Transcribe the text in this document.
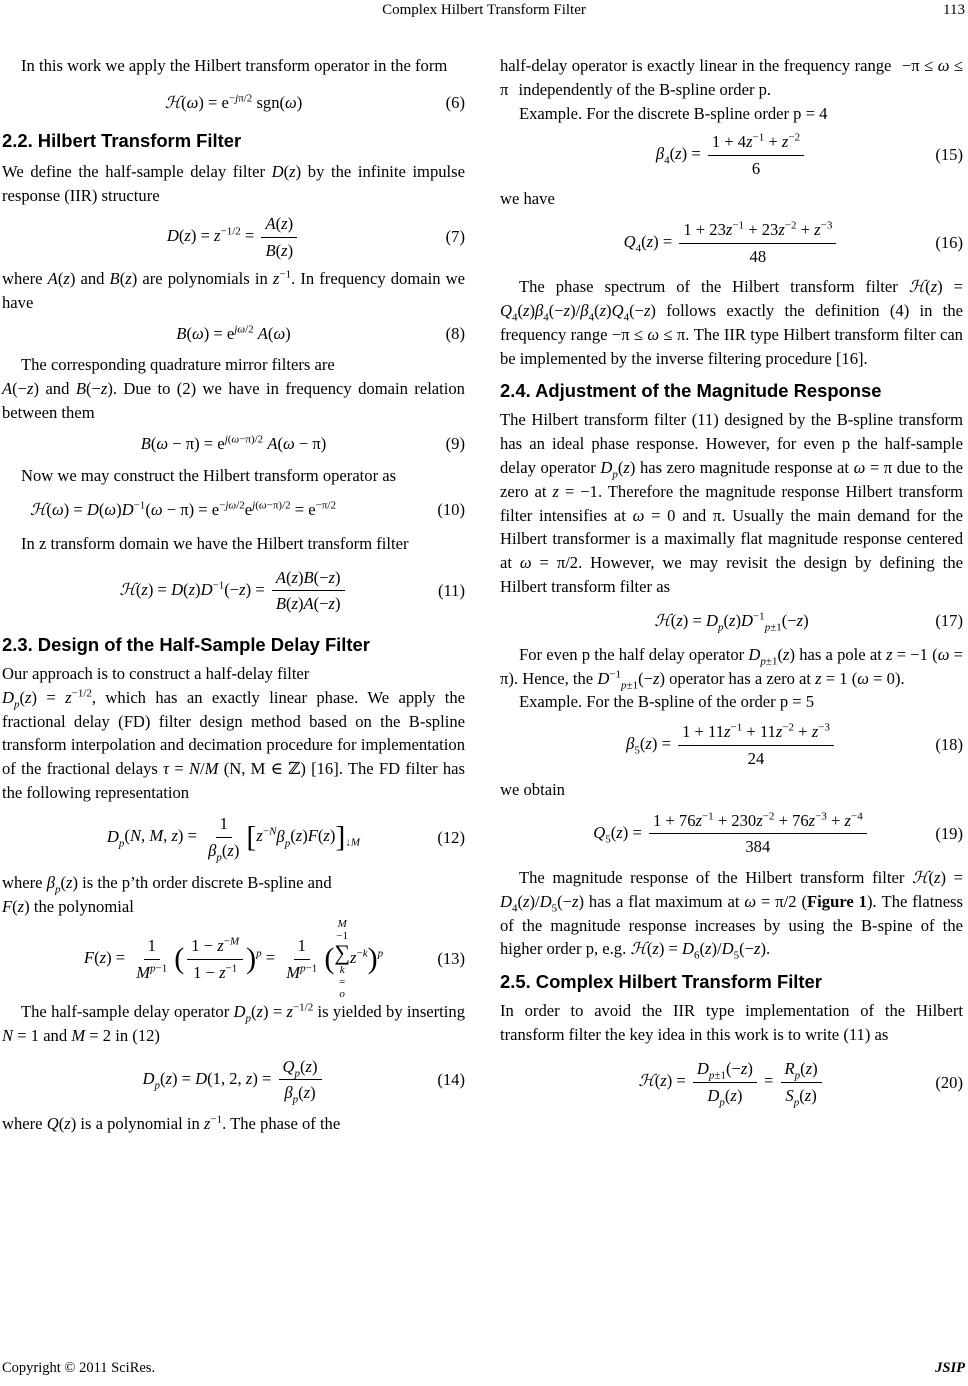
Complex Hilbert Transform Filter	113

In this work we apply the Hilbert transform operator in the form

ℋ(ω) = $e^{-j\pi/2}$ sgn(ω)	(6)
2.2. Hilbert Transform Filter

We define the half-sample delay filter D(z) by the infinite impulse response (IIR) structure

$D(z) = z^{-1/2} = \frac{A(z)}{B(z)}$	(7)

where A(z) and B(z) are polynomials in $z^{-1}$. In frequency domain we have

$B(\omega) = e^{j\omega/2}$ A(ω)	(8)

The corresponding quadrature mirror filters are
A(−z) and B(−z). Due to (2) we have in frequency domain relation between them

$B(\omega - \pi) = e^{j(\omega-\pi)/2}$ A(ω − π)	(9)

Now we may construct the Hilbert transform operator as

ℋ(ω) = $D(\omega)D^{-1}(\omega - \pi) = e^{-j\omega/2}e^{j(\omega-\pi)/2} = e^{-\pi/2}$	(10)

In z transform domain we have the Hilbert transform filter

ℋ(z) = $D(z)D^{-1}(-z) = \frac{A(z)B(-z)}{B(z)A(-z)}$	(11)
2.3. Design of the Half-Sample Delay Filter

Our approach is to construct a half-delay filter
$D_p(z) = z^{-1/2}$, which has an exactly linear phase. We apply the fractional delay (FD) filter design method based on the B-spline transform interpolation and decimation procedure for implementation of the fractional delays τ = N/M (N, M ∈ ℤ) [16]. The FD filter has the following representation

$D_p(N$, M, $z) = \frac{1}{\beta_p(z)} [z^{-N}\beta_p(z)F(z)]_{↓M}$	(12)

where $\beta_p(z)$ is the p’th order discrete B-spline and
F(z) the polynomial

$F(z) = \frac{1}{M^{p-1}}$ ( $\frac{1 - z^{-M}}{1 - z^{-1}} )^p = \frac{1}{M^{p-1}}$ (
M
−1
∑
k
=
o
$z^{-k})^p$	(13)

The half-sample delay operator $D_p(z) = z^{-1/2}$ is yielded by inserting N = 1 and M = 2 in (12)

$D_p(z) = D(1$, 2, $z) = \frac{Q_p(z)}{\beta_p(z)}$	(14)

where Q(z) is a polynomial in $z^{-1}$. The phase of the

half-delay operator is exactly linear in the frequency range −π ≤ ω ≤ π independently of the B-spline order p.

Example. For the discrete B-spline order p = 4

$\beta_4(z) = \frac{1 + 4z^{-1} + z^{-2}}{6}$	(15)

we have

$Q_4(z) = \frac{1 + 23z^{-1} + 23z^{-2} + z^{-3}}{48}$	(16)

The phase spectrum of the Hilbert transform filter ℋ(z) = $Q_4(z)\beta_4(-z)/\beta_4(z)Q_4(-z)$ follows exactly the definition (4) in the frequency range −π ≤ ω ≤ π. The IIR type Hilbert transform filter can be implemented by the inverse filtering procedure [16].

2.4. Adjustment of the Magnitude Response

The Hilbert transform filter (11) designed by the B-spline transform has an ideal phase response. However, for even p the half-sample delay operator $D_p(z)$ has zero magnitude response at ω = π due to the zero at z = −1. Therefore the magnitude response Hilbert transform filter intensifies at ω = 0 and π. Usually the main demand for the Hilbert transformer is a maximally flat magnitude response centered at ω = π/2. However, we may revisit the design by defining the Hilbert transform filter as

ℋ(z) = $D_p(z)D^{-1}_{p\pm 1}(-z)$	(17)

For even p the half delay operator $D_{p\pm 1}(z)$ has a pole at z = −1 (ω = π). Hence, the $D^{-1}_{p\pm 1}(-z)$ operator has a zero at z = 1 (ω = 0).

Example. For the B-spline of the order p = 5

$\beta_5(z) = \frac{1 + 11z^{-1} + 11z^{-2} + z^{-3}}{24}$	(18)

we obtain

$Q_5(z) = \frac{1 + 76z^{-1} + 230z^{-2} + 76z^{-3} + z^{-4}}{384}$	(19)

The magnitude response of the Hilbert transform filter ℋ(z) = $D_4(z)/D_5(-z)$ has a flat maximum at ω = π/2 (Figure 1). The flatness of the magnitude response increases by using the B-spine of the higher order p, e.g. ℋ(z) = $D_6(z)/D_5(-z)$.

2.5. Complex Hilbert Transform Filter

In order to avoid the IIR type implementation of the Hilbert transform filter the key idea in this work is to write (11) as

ℋ(z) = $\frac{D_{p\pm 1}(-z)}{D_p(z)} = \frac{R_p(z)}{S_p(z)}$	(20)
Copyright © 2011 SciRes.	JSIP
